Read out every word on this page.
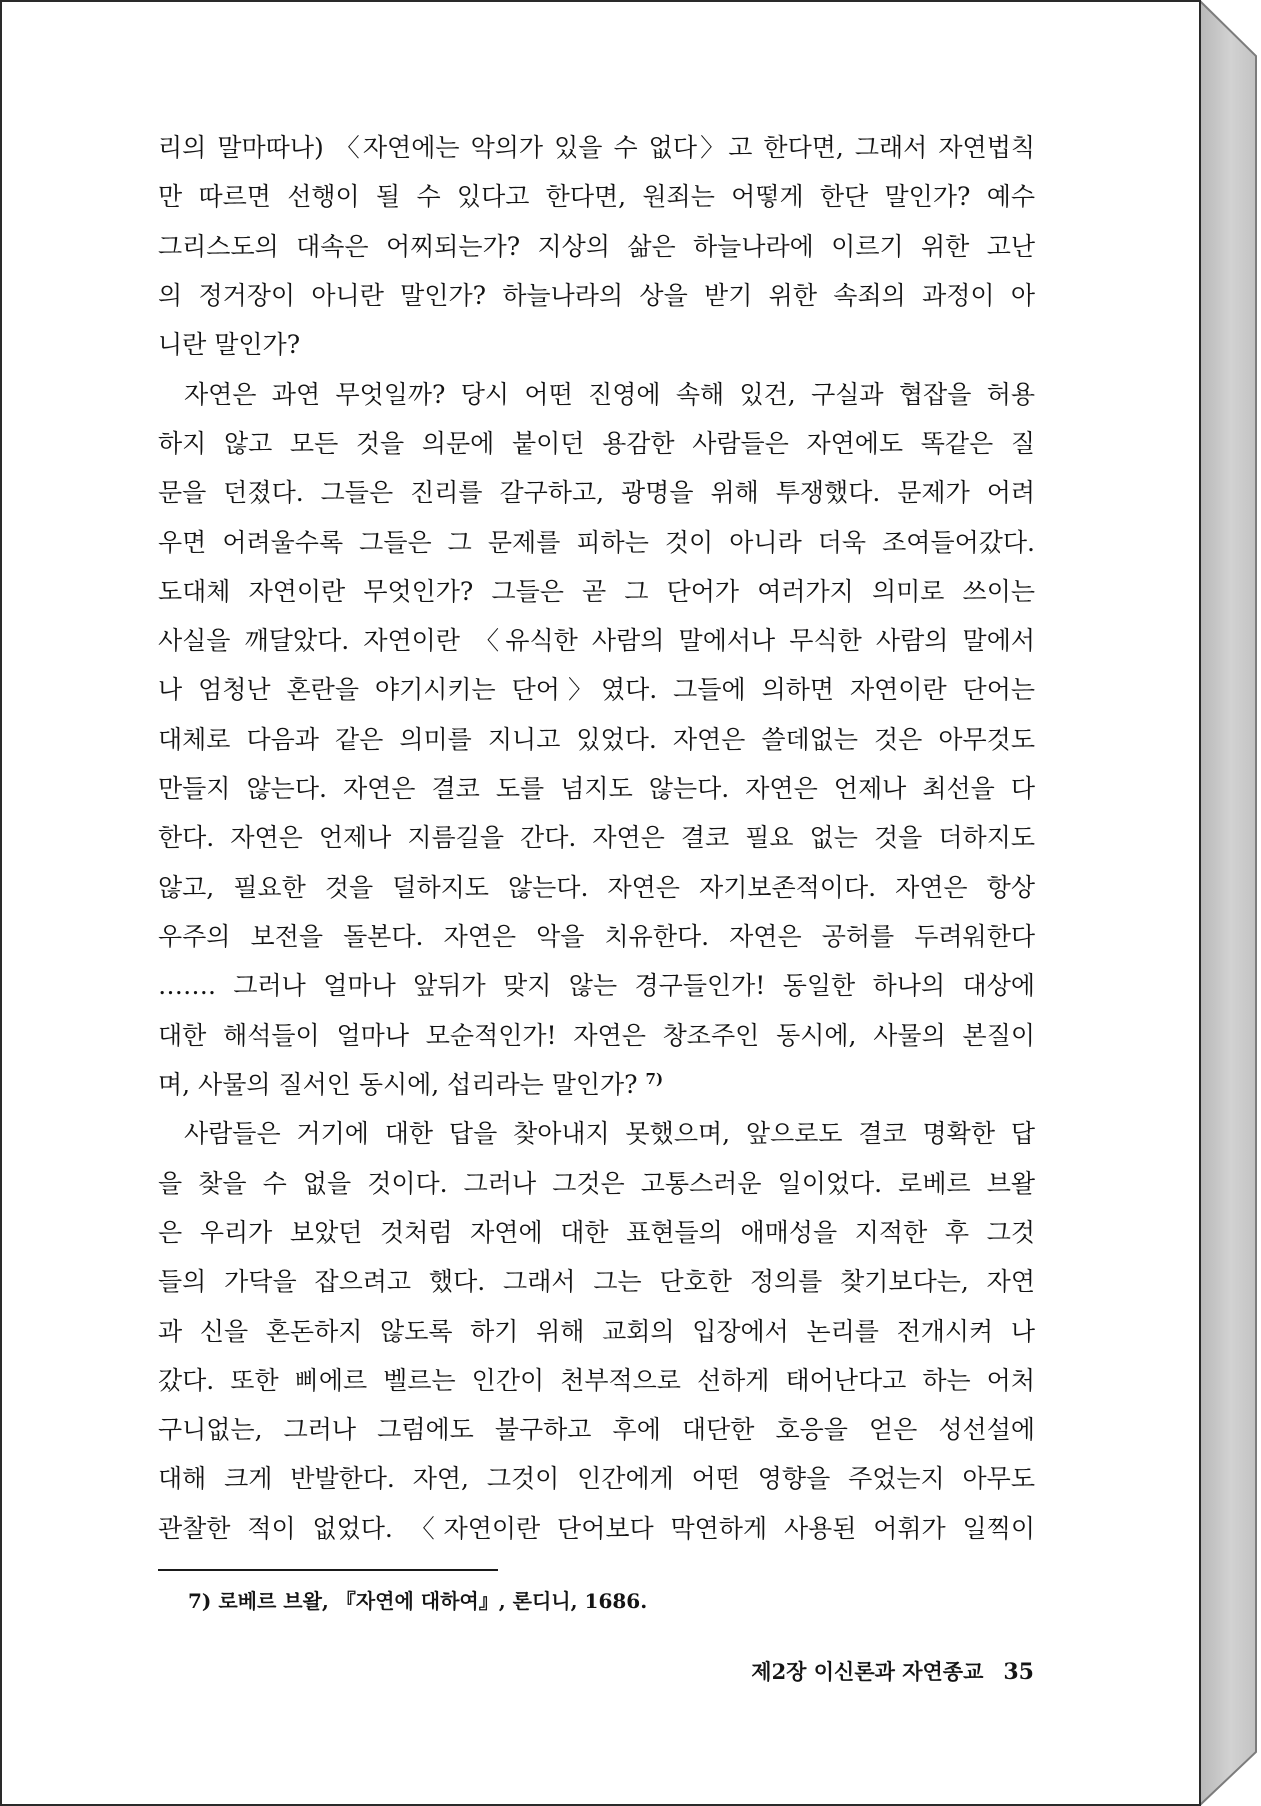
리의 말마따나) 〈자연에는 악의가 있을 수 없다〉고 한다면, 그래서 자연법칙
만 따르면 선행이 될 수 있다고 한다면, 원죄는 어떻게 한단 말인가? 예수
그리스도의 대속은 어찌되는가? 지상의 삶은 하늘나라에 이르기 위한 고난
의 정거장이 아니란 말인가? 하늘나라의 상을 받기 위한 속죄의 과정이 아
니란 말인가?
자연은 과연 무엇일까? 당시 어떤 진영에 속해 있건, 구실과 협잡을 허용
하지 않고 모든 것을 의문에 붙이던 용감한 사람들은 자연에도 똑같은 질
문을 던졌다. 그들은 진리를 갈구하고, 광명을 위해 투쟁했다. 문제가 어려
우면 어려울수록 그들은 그 문제를 피하는 것이 아니라 더욱 조여들어갔다.
도대체 자연이란 무엇인가? 그들은 곧 그 단어가 여러가지 의미로 쓰이는
사실을 깨달았다. 자연이란 〈유식한 사람의 말에서나 무식한 사람의 말에서
나 엄청난 혼란을 야기시키는 단어〉였다. 그들에 의하면 자연이란 단어는
대체로 다음과 같은 의미를 지니고 있었다. 자연은 쓸데없는 것은 아무것도
만들지 않는다. 자연은 결코 도를 넘지도 않는다. 자연은 언제나 최선을 다
한다. 자연은 언제나 지름길을 간다. 자연은 결코 필요 없는 것을 더하지도
않고, 필요한 것을 덜하지도 않는다. 자연은 자기보존적이다. 자연은 항상
우주의 보전을 돌본다. 자연은 악을 치유한다. 자연은 공허를 두려워한다
……. 그러나 얼마나 앞뒤가 맞지 않는 경구들인가! 동일한 하나의 대상에
대한 해석들이 얼마나 모순적인가! 자연은 창조주인 동시에, 사물의 본질이
며, 사물의 질서인 동시에, 섭리라는 말인가? $^{7)}$
사람들은 거기에 대한 답을 찾아내지 못했으며, 앞으로도 결코 명확한 답
을 찾을 수 없을 것이다. 그러나 그것은 고통스러운 일이었다. 로베르 브왈
은 우리가 보았던 것처럼 자연에 대한 표현들의 애매성을 지적한 후 그것
들의 가닥을 잡으려고 했다. 그래서 그는 단호한 정의를 찾기보다는, 자연
과 신을 혼돈하지 않도록 하기 위해 교회의 입장에서 논리를 전개시켜 나
갔다. 또한 삐에르 벨르는 인간이 천부적으로 선하게 태어난다고 하는 어처
구니없는, 그러나 그럼에도 불구하고 후에 대단한 호응을 얻은 성선설에
대해 크게 반발한다. 자연, 그것이 인간에게 어떤 영향을 주었는지 아무도
관찰한 적이 없었다. 〈자연이란 단어보다 막연하게 사용된 어휘가 일찍이
7) 로베르 브왈, 『자연에 대하여』, 론디니, 1686.
제2장 이신론과 자연종교 35
